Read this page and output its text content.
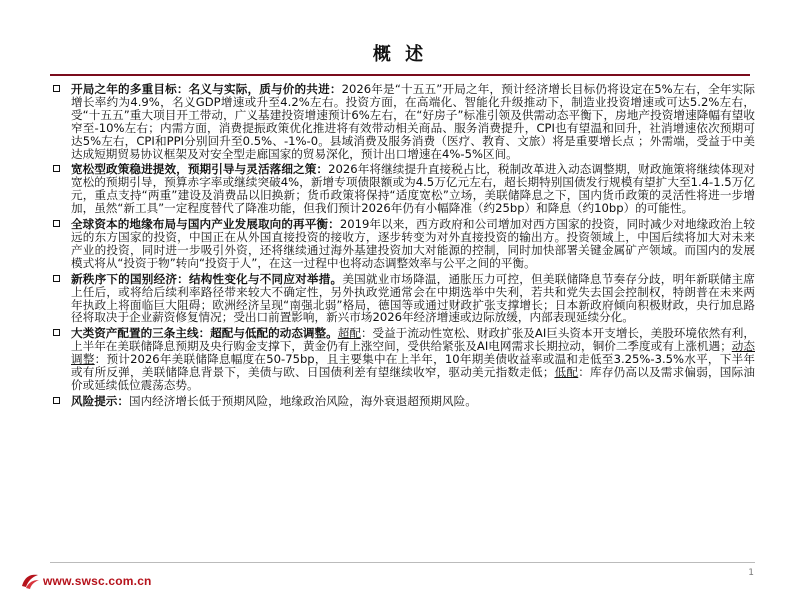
概 述
开局之年的多重目标：名义与实际，质与价的共进：2026年是“十五五”开局之年，预计经济增长目标仍将设定在5%左右，全年实际增长率约为4.9%，名义GDP增速或升至4.2%左右。投资方面，在高端化、智能化升级推动下，制造业投资增速或可达5.2%左右，受“十五五”重大项目开工带动，广义基建投资增速预计6%左右，在“好房子”标准引领及供需动态平衡下，房地产投资增速降幅有望收窄至-10%左右；内需方面，消费提振政策优化推进将有效带动相关商品、服务消费提升，CPI也有望温和回升，社消增速依次预期可达5%左右，CPI和PPI分别回升至0.5%、-1%-0。县域消费及服务消费（医疗、教育、文旅）将是重要增长点 ；外需端，受益于中美达成短期贸易协议框架及对安全型走廊国家的贸易深化，预计出口增速在4%-5%区间。
宽松型政策稳进提效，预期引导与灵活落细之策：2026年将继续提升直接税占比，税制改革进入动态调整期，财政施策将继续体现对宽松的预期引导，预算赤字率或继续突破4%，新增专项债限额或为4.5万亿元左右，超长期特别国债发行规模有望扩大至1.4-1.5万亿元，重点支持“两重”建设及消费品以旧换新；货币政策将保持“适度宽松”立场，美联储降息之下，国内货币政策的灵活性将进一步增加，虽然“新工具”一定程度替代了降准功能，但我们预计2026年仍有小幅降准（约25bp）和降息（约10bp）的可能性。
全球资本的地缘布局与国内产业发展取向的再平衡：2019年以来，西方政府和公司增加对西方国家的投资，同时减少对地缘政治上较远的东方国家的投资，中国正在从外国直接投资的接收方，逐步转变为对外直接投资的输出方。投资领域上，中国后续将加大对未来产业的投资，同时进一步吸引外资，还将继续通过海外基建投资加大对能源的控制，同时加快部署关键金属矿产领域。而国内的发展模式将从“投资于物”转向“投资于人”，在这一过程中也将动态调整效率与公平之间的平衡。
新秩序下的国别经济：结构性变化与不同应对举措。美国就业市场降温，通胀压力可控，但美联储降息节奏存分歧，明年新联储主席上任后，或将给后续利率路径带来较大不确定性，另外执政党通常会在中期选举中失利，若共和党失去国会控制权，特朗普在未来两年执政上将面临巨大阻碍；欧洲经济呈现“南强北弱”格局，德国等或通过财政扩张支撑增长；日本新政府倾向积极财政，央行加息路径将取决于企业薪资修复情况；受出口前置影响，新兴市场2026年经济增速或边际放缓，内部表现延续分化。
大类资产配置的三条主线：超配与低配的动态调整。超配：受益于流动性宽松、财政扩张及AI巨头资本开支增长，美股环境依然有利，上半年在美联储降息预期及央行购金支撑下，黄金仍有上涨空间，受供给紧张及AI电网需求长期拉动，铜价二季度或有上涨机遇；动态调整：预计2026年美联储降息幅度在50-75bp，且主要集中在上半年，10年期美债收益率或温和走低至3.25%-3.5%水平，下半年或有所反弹，美联储降息背景下，美债与欧、日国债利差有望继续收窄，驱动美元指数走低；低配：库存仍高以及需求偏弱，国际油价或延续低位震荡态势。
风险提示：国内经济增长低于预期风险，地缘政治风险，海外衰退超预期风险。
www.swsc.com.cn
1
